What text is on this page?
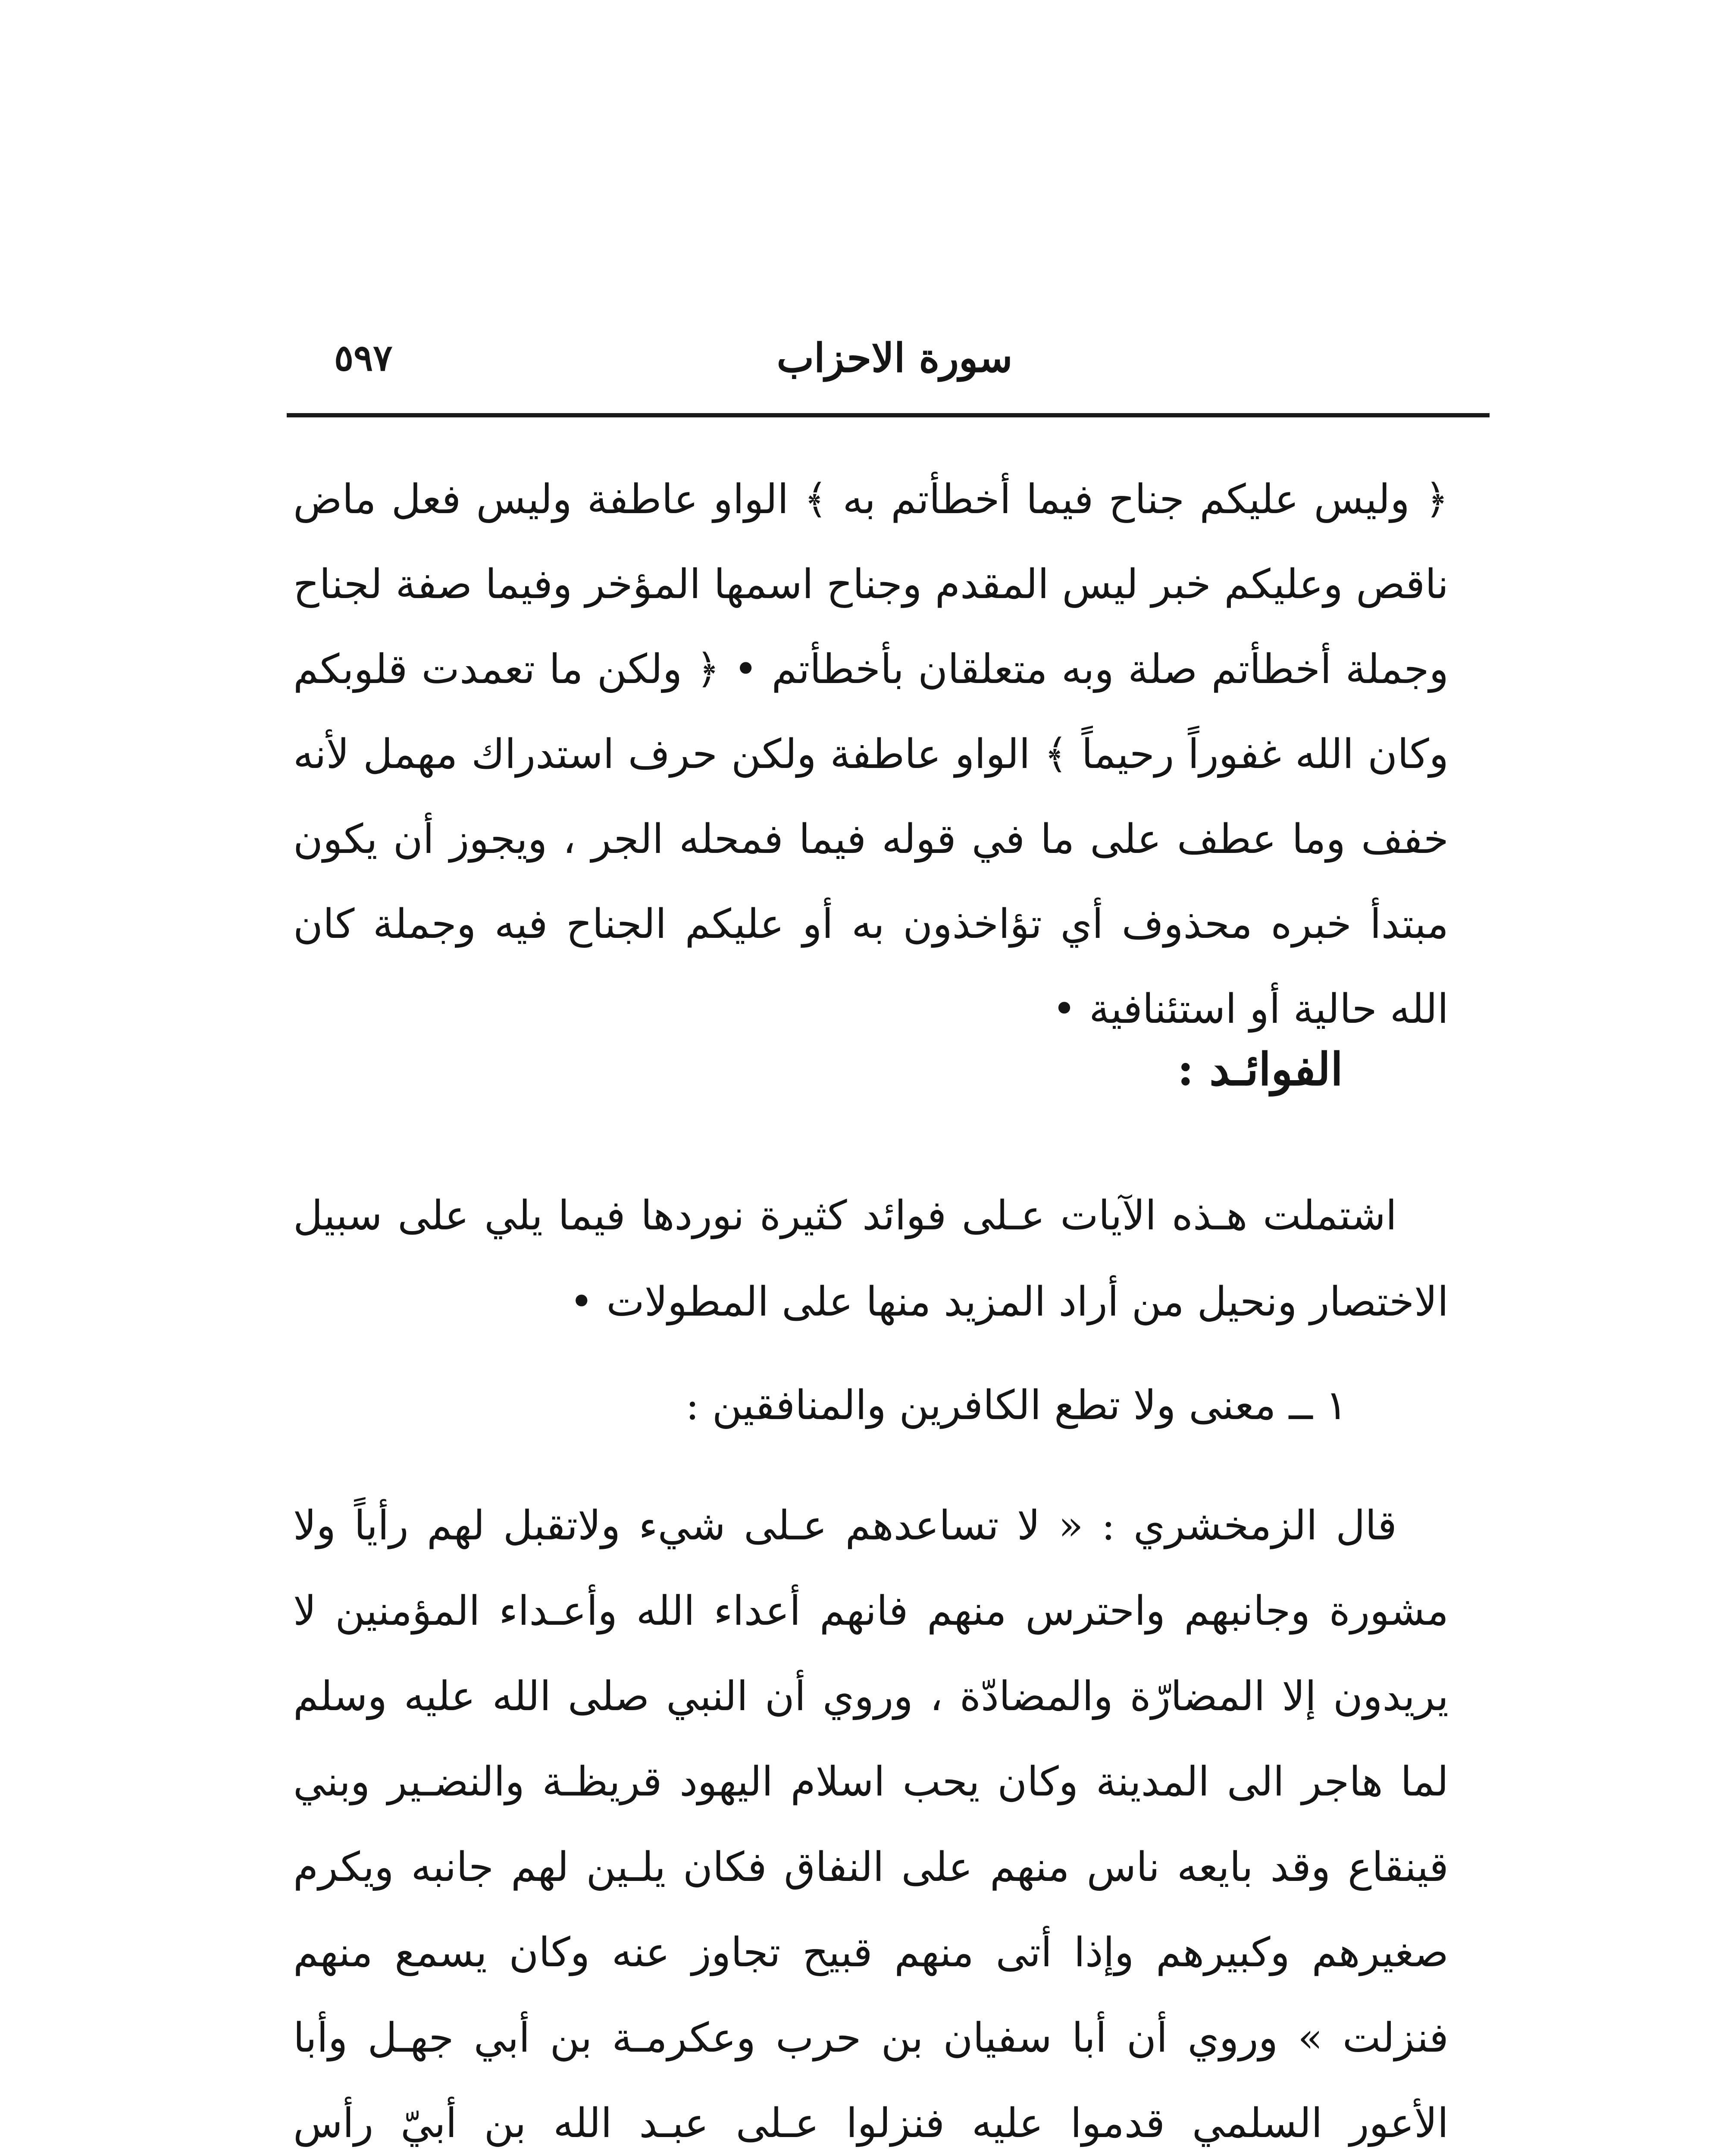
٥٩٧	سورة الاحزاب

﴿ وليس عليكم جناح فيما أخطأتم به ﴾ الواو عاطفة وليس فعل ماض ناقص وعليكم خبر ليس المقدم وجناح اسمها المؤخر وفيما صفة لجناح وجملة أخطأتم صلة وبه متعلقان بأخطأتم • ﴿ ولكن ما تعمدت قلوبكم وكان الله غفوراً رحيماً ﴾ الواو عاطفة ولكن حرف استدراك مهمل لأنه خفف وما عطف على ما في قوله فيما فمحله الجر ، ويجوز أن يكون مبتدأ خبره محذوف أي تؤاخذون به أو عليكم الجناح فيه وجملة كان الله حالية أو استئنافية •

الفوائـد :

اشتملت هـذه الآيات عـلى فوائد كثيرة نوردها فيما يلي على سبيل الاختصار ونحيل من أراد المزيد منها على المطولات •

١ ــ معنى ولا تطع الكافرين والمنافقين :

قال الزمخشري : « لا تساعدهم عـلى شيء ولاتقبل لهم رأياً ولا مشورة وجانبهم واحترس منهم فانهم أعداء الله وأعـداء المؤمنين لا يريدون إلا المضارّة والمضادّة ، وروي أن النبي صلى الله عليه وسلم لما هاجر الى المدينة وكان يحب اسلام اليهود قريظـة والنضـير وبني قينقاع وقد بايعه ناس منهم على النفاق فكان يلـين لهم جانبه ويكرم صغيرهم وكبيرهم وإذا أتى منهم قبيح تجاوز عنه وكان يسمع منهم فنزلت » وروي أن أبا سفيان بن حرب وعكرمـة بن أبي جهـل وأبا الأعور السلمي قدموا عليه فنزلوا عـلى عبـد الله بن أبيّ رأس
